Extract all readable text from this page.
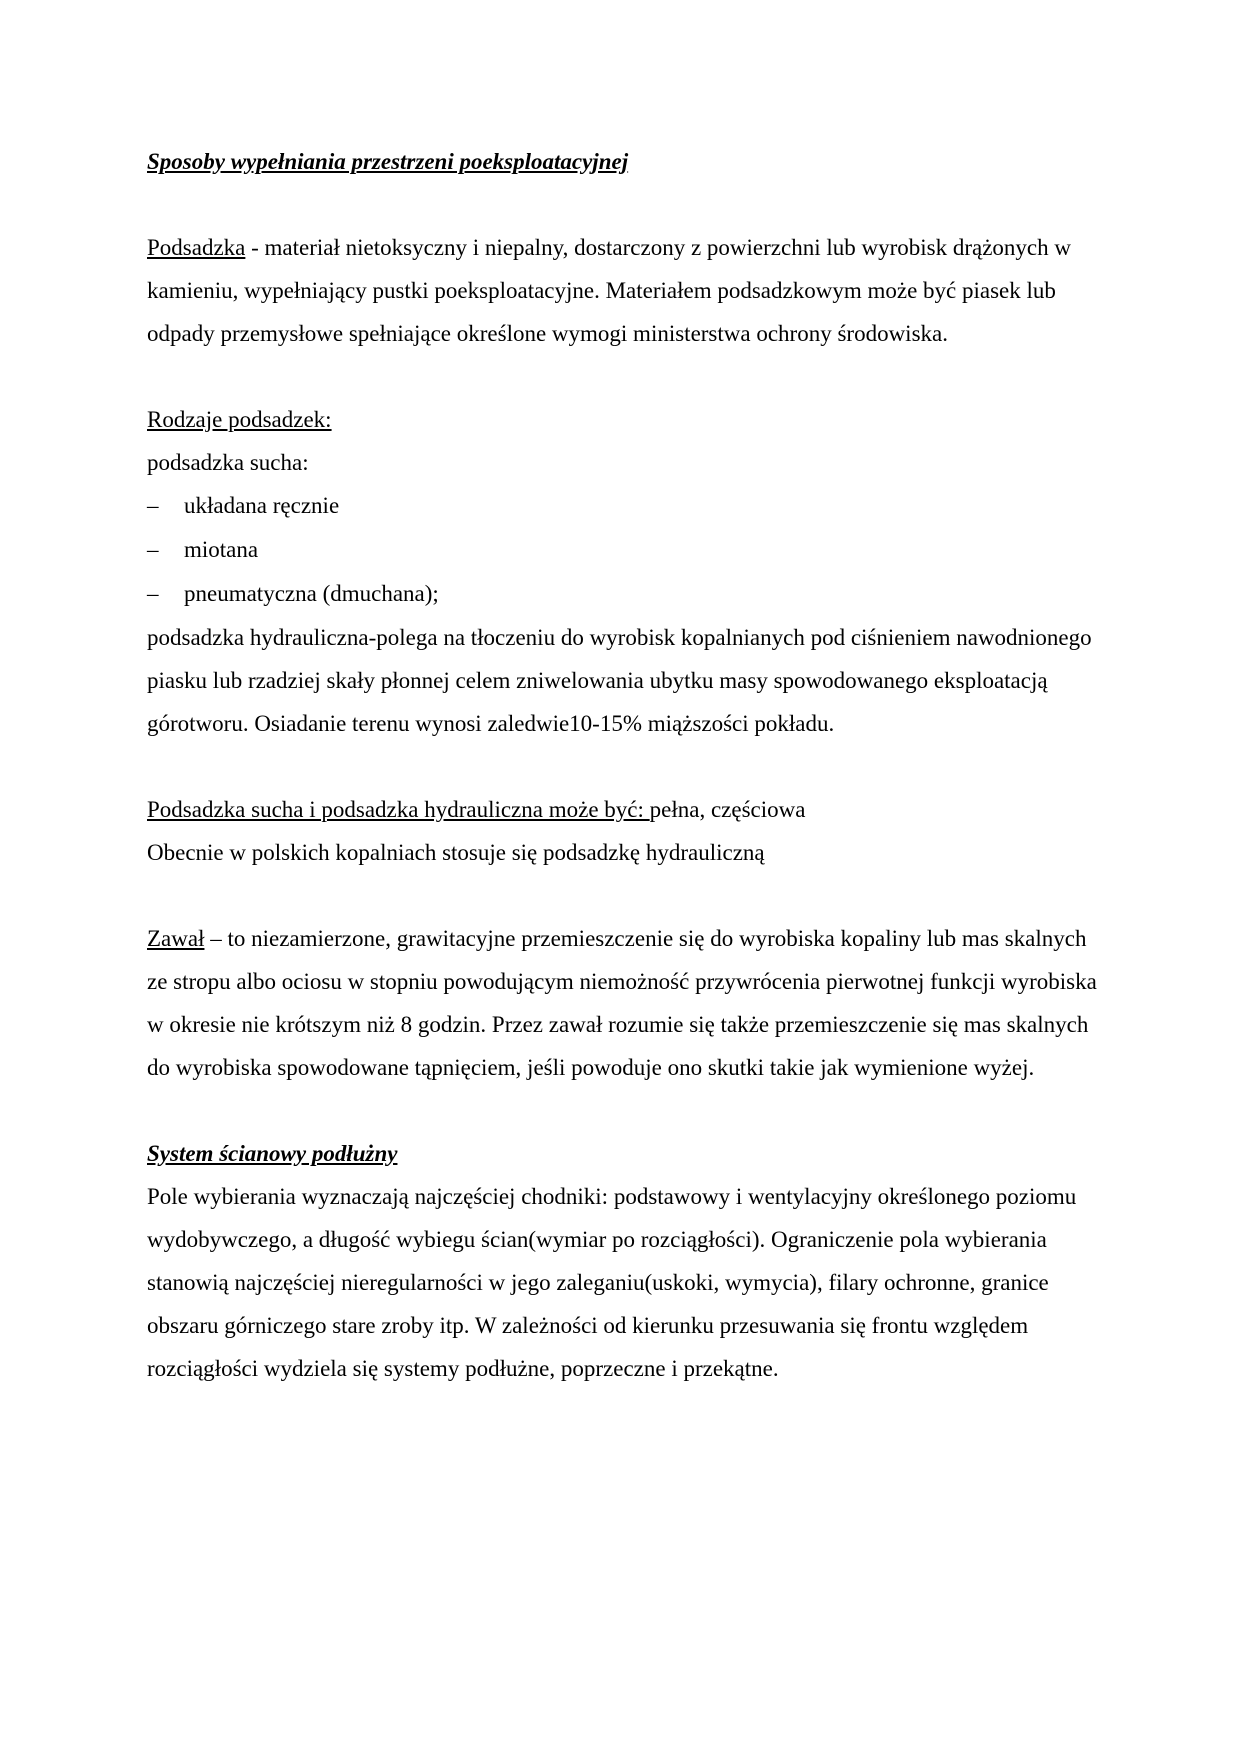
Sposoby wypełniania przestrzeni poeksploatacyjnej

Podsadzka - materiał nietoksyczny i niepalny, dostarczony z powierzchni lub wyrobisk drążonych w kamieniu, wypełniający pustki poeksploatacyjne. Materiałem podsadzkowym może być piasek lub odpady przemysłowe spełniające określone wymogi ministerstwa ochrony środowiska.

Rodzaje podsadzek:

podsadzka sucha:

– układana ręcznie
– miotana
– pneumatyczna (dmuchana);

podsadzka hydrauliczna-polega na tłoczeniu do wyrobisk kopalnianych pod ciśnieniem nawodnionego piasku lub rzadziej skały płonnej celem zniwelowania ubytku masy spowodowanego eksploatacją górotworu. Osiadanie terenu wynosi zaledwie10-15% miąższości pokładu.

Podsadzka sucha i podsadzka hydrauliczna może być: pełna, częściowa

Obecnie w polskich kopalniach stosuje się podsadzkę hydrauliczną

Zawał – to niezamierzone, grawitacyjne przemieszczenie się do wyrobiska kopaliny lub mas skalnych ze stropu albo ociosu w stopniu powodującym niemożność przywrócenia pierwotnej funkcji wyrobiska w okresie nie krótszym niż 8 godzin. Przez zawał rozumie się także przemieszczenie się mas skalnych do wyrobiska spowodowane tąpnięciem, jeśli powoduje ono skutki takie jak wymienione wyżej.

System ścianowy podłużny

Pole wybierania wyznaczają najczęściej chodniki: podstawowy i wentylacyjny określonego poziomu wydobywczego, a długość wybiegu ścian(wymiar po rozciągłości). Ograniczenie pola wybierania stanowią najczęściej nieregularności w jego zaleganiu(uskoki, wymycia), filary ochronne, granice obszaru górniczego stare zroby itp. W zależności od kierunku przesuwania się frontu względem rozciągłości wydziela się systemy podłużne, poprzeczne i przekątne.
